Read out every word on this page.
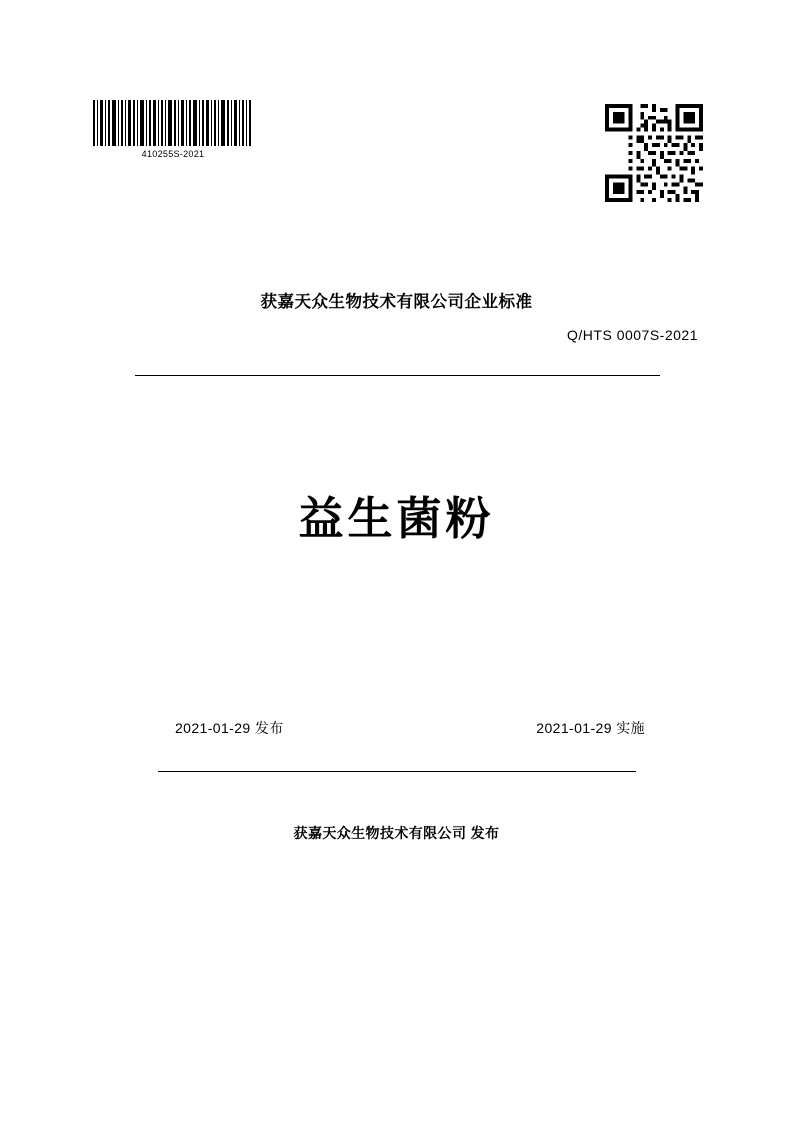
410255S-2021
获嘉天众生物技术有限公司企业标准
Q/HTS 0007S-2021
益生菌粉
2021-01-29 发布	2021-01-29 实施
获嘉天众生物技术有限公司 发布
